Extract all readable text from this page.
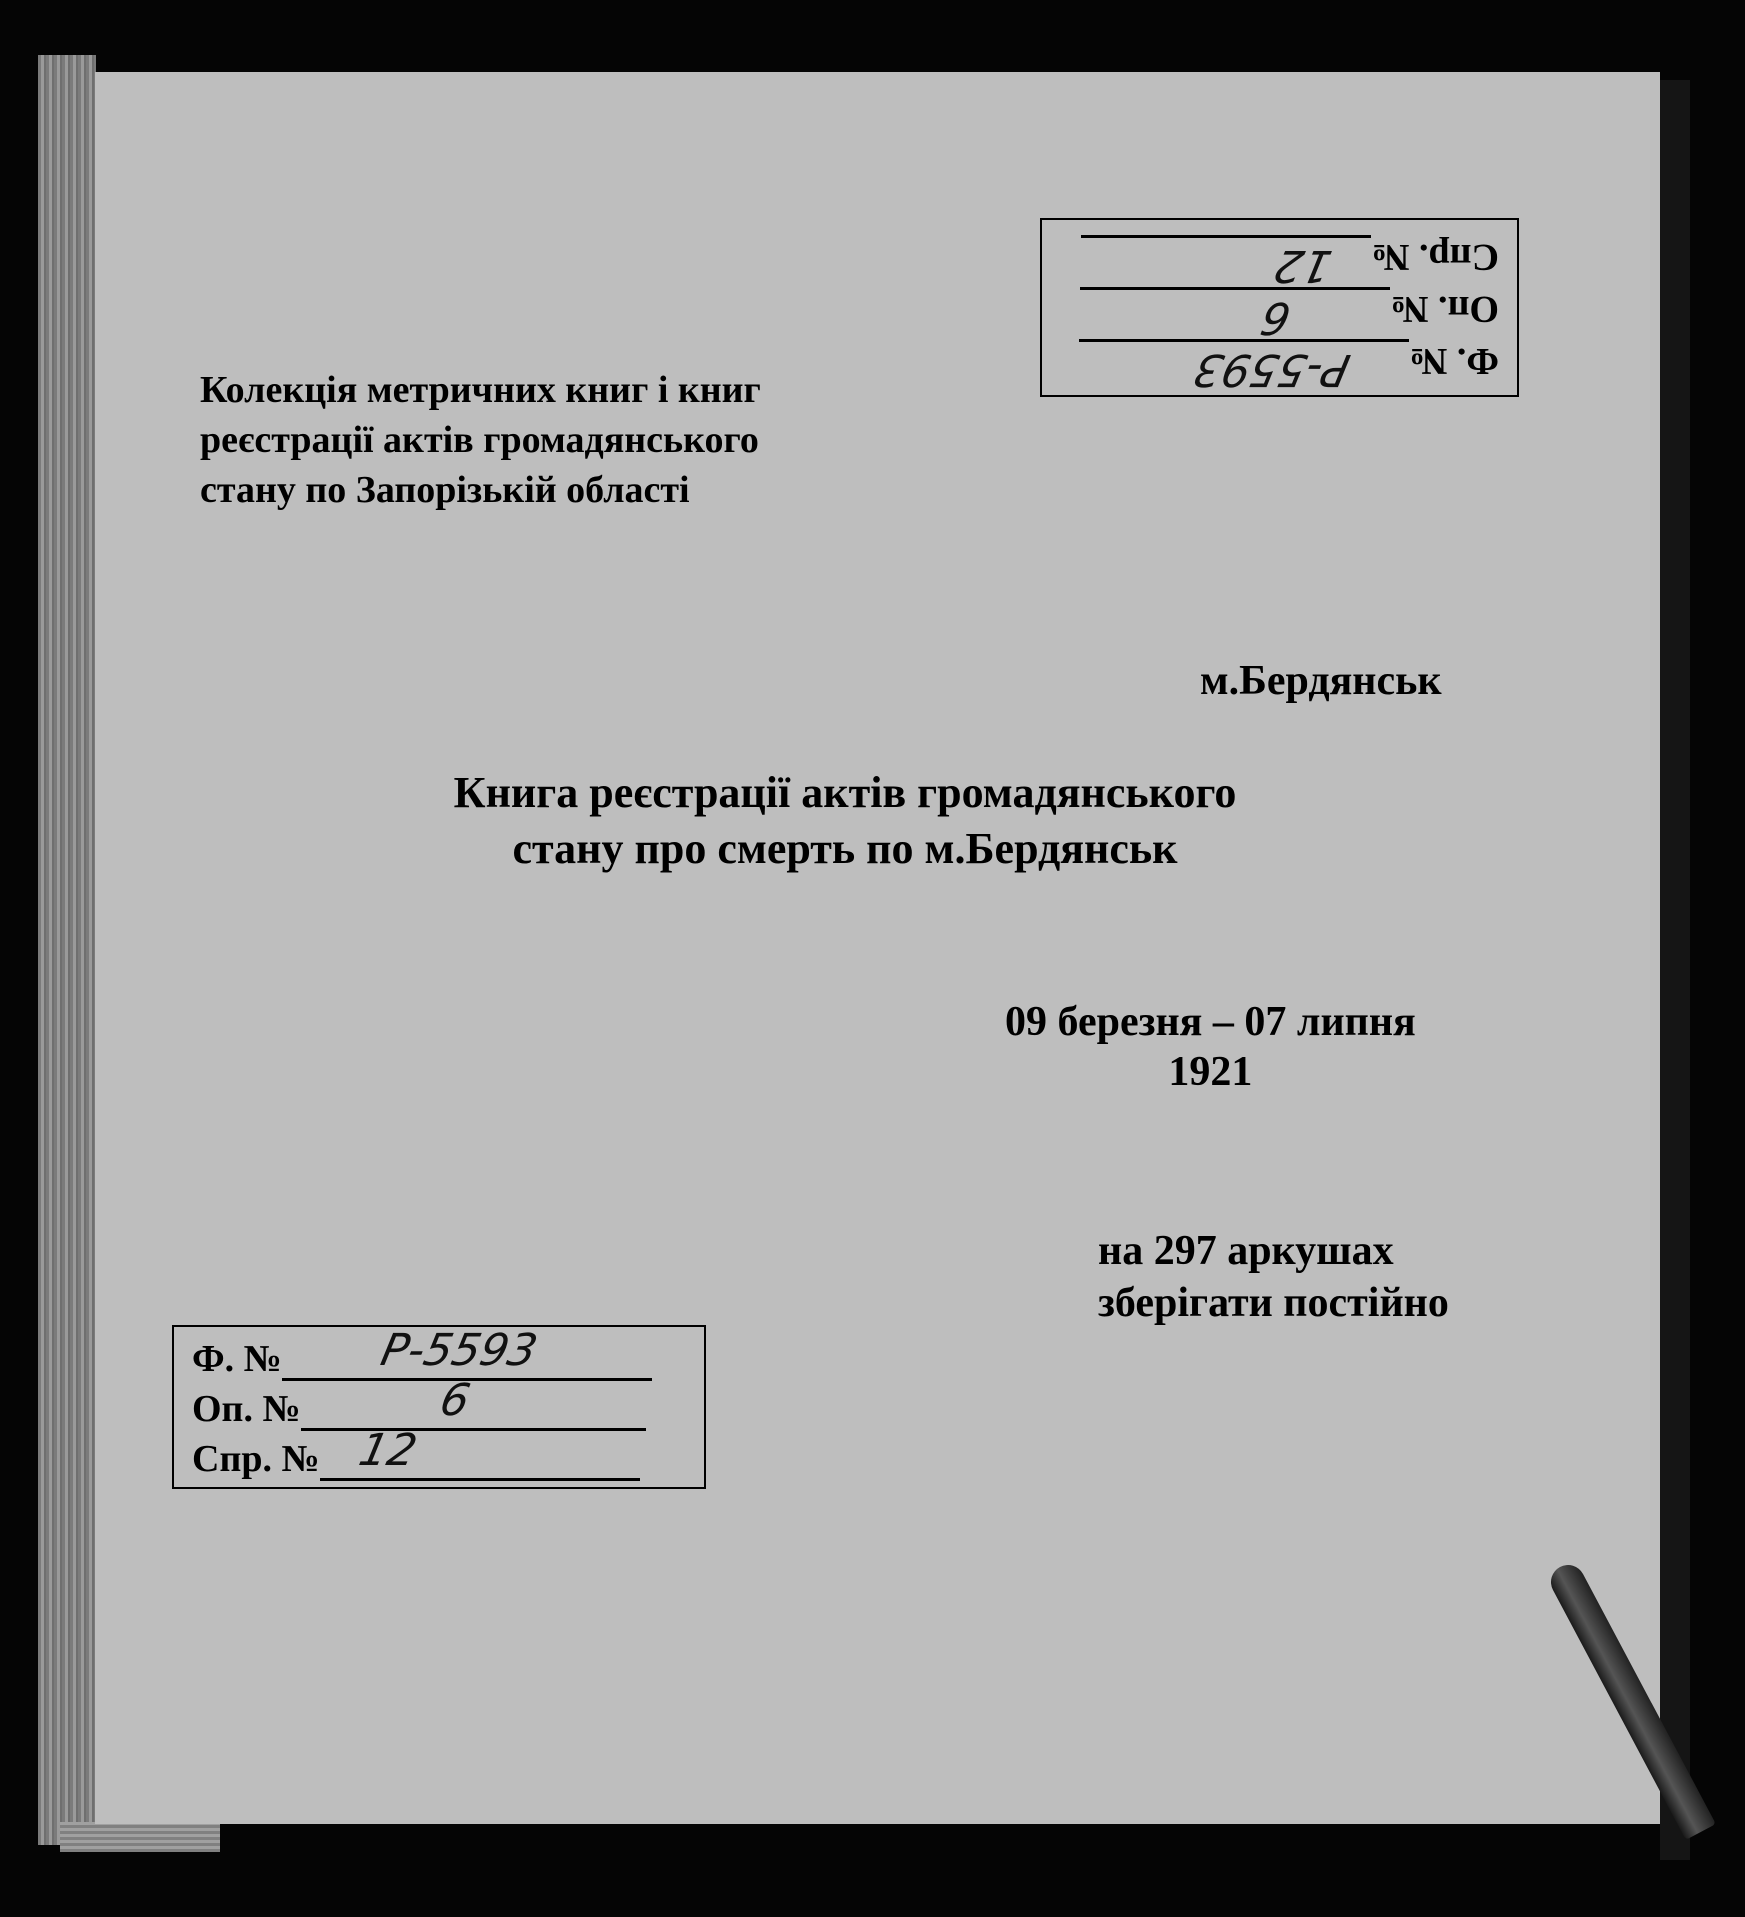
Колекція метричних книг і книг
реєстрації актів громадянського
стану по Запорізькій області
Ф. №
Р-5593
Оп. №
6
Спр. №
12
м.Бердянськ
Книга реєстрації актів громадянського
стану про смерть по м.Бердянськ
09 березня – 07 липня
1921
на 297 аркушах
зберігати постійно
Ф. № Р-5593
Оп. №	6
Спр. № 12
